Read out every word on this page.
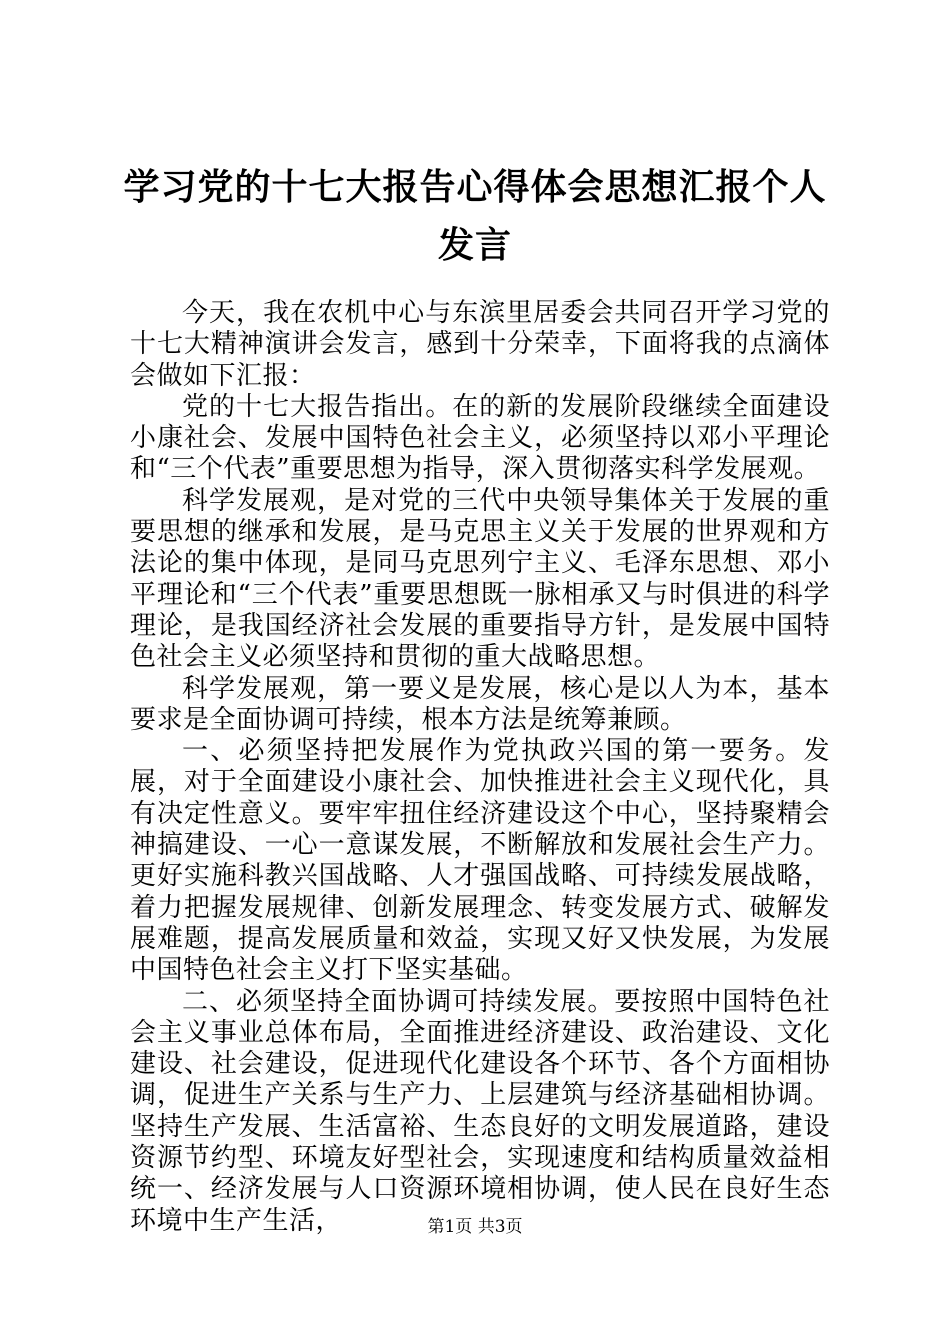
学习党的十七大报告心得体会思想汇报个人发言

今天，我在农机中心与东滨里居委会共同召开学习党的十七大精神演讲会发言，感到十分荣幸，下面将我的点滴体会做如下汇报：

党的十七大报告指出。在的新的发展阶段继续全面建设小康社会、发展中国特色社会主义，必须坚持以邓小平理论和“三个代表”重要思想为指导，深入贯彻落实科学发展观。

科学发展观，是对党的三代中央领导集体关于发展的重要思想的继承和发展，是马克思主义关于发展的世界观和方法论的集中体现，是同马克思列宁主义、毛泽东思想、邓小平理论和“三个代表”重要思想既一脉相承又与时俱进的科学理论，是我国经济社会发展的重要指导方针，是发展中国特色社会主义必须坚持和贯彻的重大战略思想。

科学发展观，第一要义是发展，核心是以人为本，基本要求是全面协调可持续，根本方法是统筹兼顾。

一、必须坚持把发展作为党执政兴国的第一要务。发展，对于全面建设小康社会、加快推进社会主义现代化，具有决定性意义。要牢牢扭住经济建设这个中心，坚持聚精会神搞建设、一心一意谋发展，不断解放和发展社会生产力。更好实施科教兴国战略、人才强国战略、可持续发展战略，着力把握发展规律、创新发展理念、转变发展方式、破解发展难题，提高发展质量和效益，实现又好又快发展，为发展中国特色社会主义打下坚实基础。

二、必须坚持全面协调可持续发展。要按照中国特色社会主义事业总体布局，全面推进经济建设、政治建设、文化建设、社会建设，促进现代化建设各个环节、各个方面相协调，促进生产关系与生产力、上层建筑与经济基础相协调。坚持生产发展、生活富裕、生态良好的文明发展道路，建设资源节约型、环境友好型社会，实现速度和结构质量效益相统一、经济发展与人口资源环境相协调，使人民在良好生态环境中生产生活，	第1页 共3页
